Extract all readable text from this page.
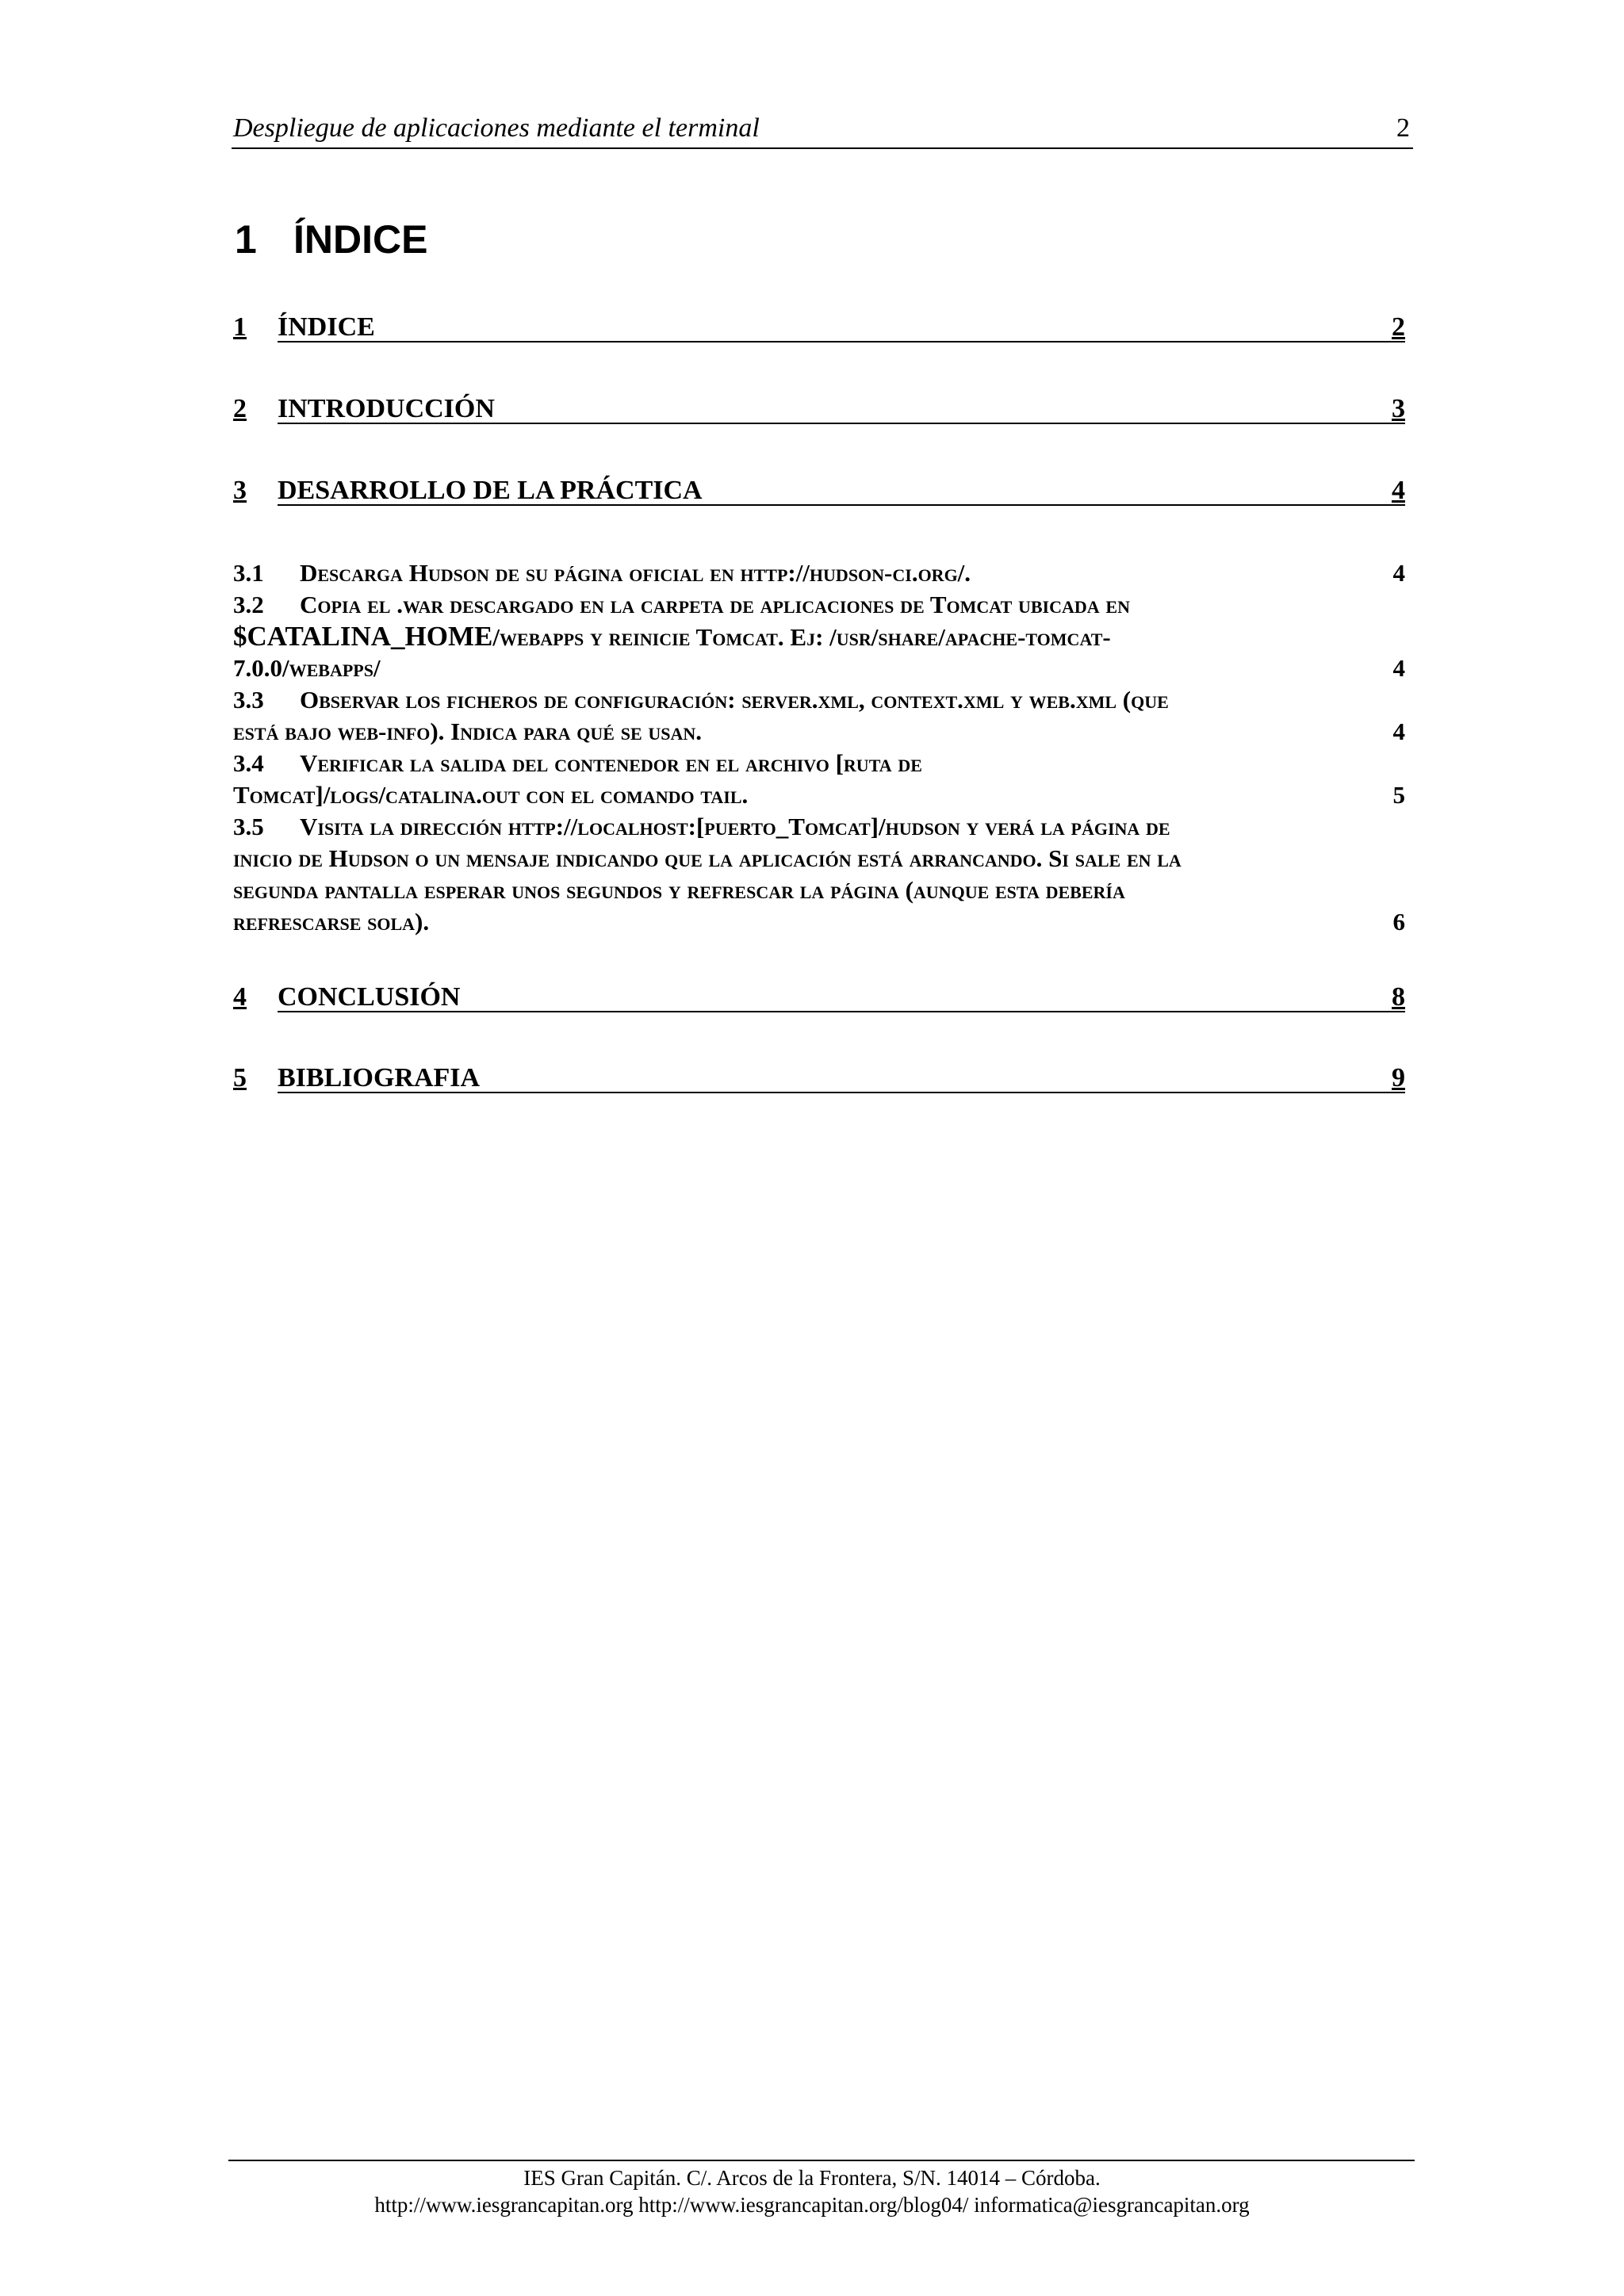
Despliegue de aplicaciones mediante el terminal	2
1 ÍNDICE
1 ÍNDICE	2
2 INTRODUCCIÓN	3
3 DESARROLLO DE LA PRÁCTICA	4
3.1 Descarga Hudson de su página oficial en http://hudson-ci.org/.	4
3.2 Copia el .war descargado en la carpeta de aplicaciones de Tomcat ubicada en
$CATALINA_HOME/webapps y reinicie Tomcat. Ej: /usr/share/apache-tomcat-
7.0.0/webapps/	4
3.3 Observar los ficheros de configuración: server.xml, context.xml y web.xml (que
está bajo web-info). Indica para qué se usan.	4
3.4 Verificar la salida del contenedor en el archivo [ruta de
Tomcat]/logs/catalina.out con el comando tail.	5
3.5 Visita la dirección http://localhost:[puerto_Tomcat]/hudson y verá la página de
inicio de Hudson o un mensaje indicando que la aplicación está arrancando. Si sale en la
segunda pantalla esperar unos segundos y refrescar la página (aunque esta debería
refrescarse sola).	6
4 CONCLUSIÓN	8
5 BIBLIOGRAFIA	9
IES Gran Capitán. C/. Arcos de la Frontera, S/N. 14014 – Córdoba.
http://www.iesgrancapitan.org http://www.iesgrancapitan.org/blog04/ informatica@iesgrancapitan.org
